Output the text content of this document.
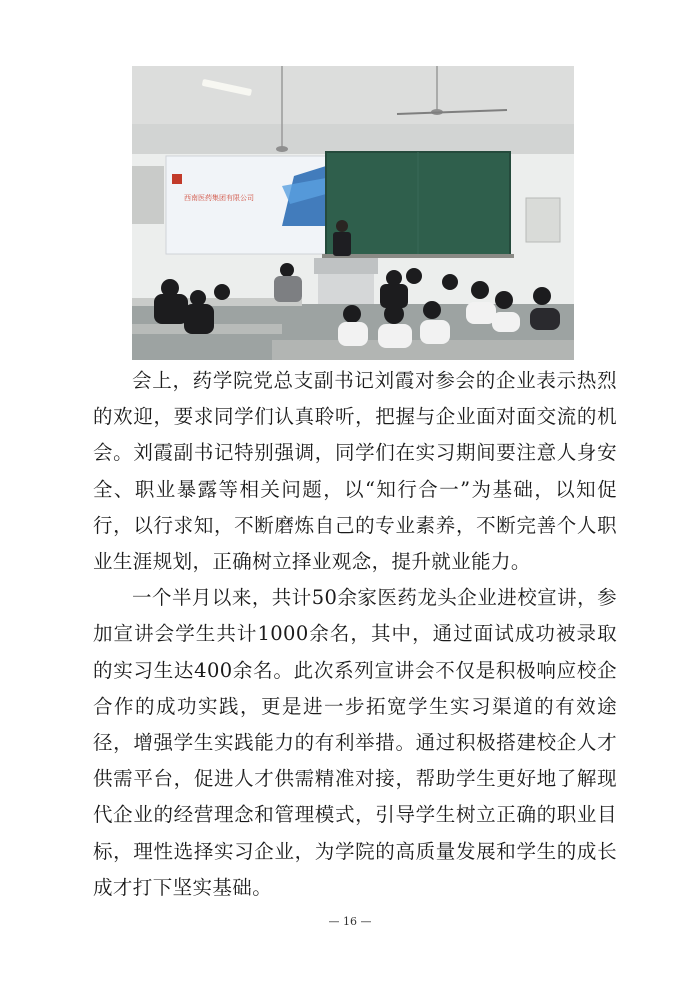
西南医药集团有限公司

会上，药学院党总支副书记刘霞对参会的企业表示热烈的欢迎，要求同学们认真聆听，把握与企业面对面交流的机会。刘霞副书记特别强调，同学们在实习期间要注意人身安全、职业暴露等相关问题，以“知行合一”为基础，以知促行，以行求知，不断磨炼自己的专业素养，不断完善个人职业生涯规划，正确树立择业观念，提升就业能力。

一个半月以来，共计50余家医药龙头企业进校宣讲，参加宣讲会学生共计1000余名，其中，通过面试成功被录取的实习生达400余名。此次系列宣讲会不仅是积极响应校企合作的成功实践，更是进一步拓宽学生实习渠道的有效途径，增强学生实践能力的有利举措。通过积极搭建校企人才供需平台，促进人才供需精准对接，帮助学生更好地了解现代企业的经营理念和管理模式，引导学生树立正确的职业目标，理性选择实习企业，为学院的高质量发展和学生的成长成才打下坚实基础。

— 16 —
